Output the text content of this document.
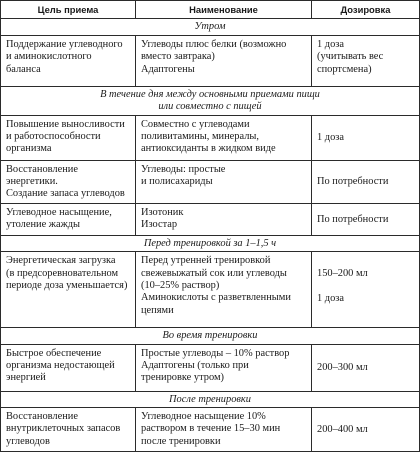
Цель приема	Наименование	Дозировка

Утром		

Поддержание углеводного
и аминокислотного
баланса	Углеводы плюс белки (возможно
вместо завтрака)
Адаптогены	1 доза
(учитывать вес
спортсмена)

В течение дня между основными приемами пищи
или совместно с пищей		

Повышение выносливости
и работоспособности
организма	Совместно с углеводами
поливитамины, минералы,
антиоксиданты в жидком виде	1 доза

Восстановление энергетики.
Создание запаса углеводов	Углеводы: простые
и полисахариды	По потребности

Углеводное насыщение,
утоление жажды	Изотоник
Изостар	По потребности

Перед тренировкой за 1–1,5 ч		

Энергетическая загрузка
(в предсоревновательном
периоде доза уменьшается)	Перед утренней тренировкой
свежевыжатый сок или углеводы
(10–25% раствор)
Аминокислоты с разветвленными
цепями	150–200 мл
1 доза

Во время тренировки		

Быстрое обеспечение
организма недостающей
энергией	Простые углеводы – 10% раствор
Адаптогены (только при
тренировке утром)	200–300 мл

После тренировки		

Восстановление
внутриклеточных запасов
углеводов	Углеводное насыщение 10%
раствором в течение 15–30 мин
после тренировки	200–400 мл
